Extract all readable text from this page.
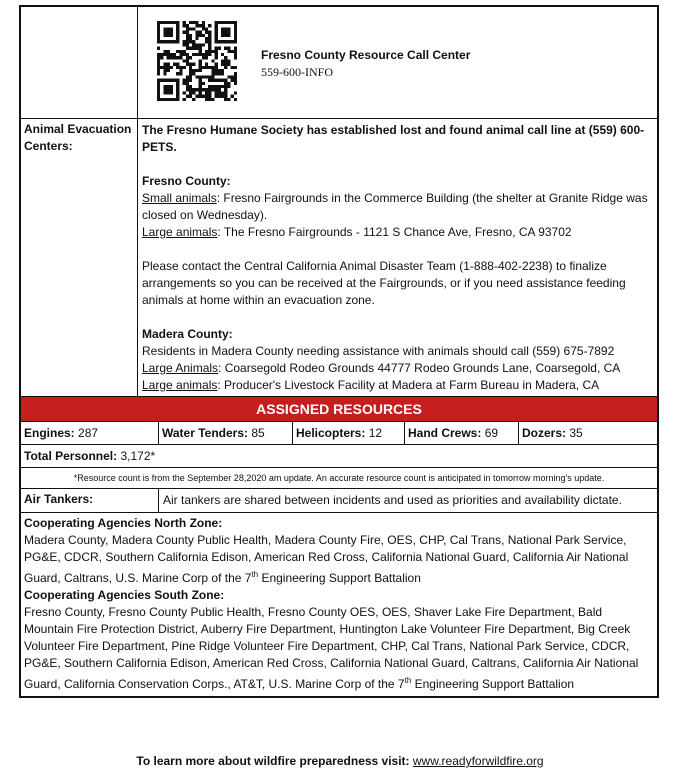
Fresno County Resource Call Center
559-600-INFO
Animal Evacuation Centers:

The Fresno Humane Society has established lost and found animal call line at (559) 600-PETS.

Fresno County:

Small animals: Fresno Fairgrounds in the Commerce Building (the shelter at Granite Ridge was closed on Wednesday).

Large animals: The Fresno Fairgrounds - 1121 S Chance Ave, Fresno, CA 93702

Please contact the Central California Animal Disaster Team (1-888-402-2238) to finalize arrangements so you can be received at the Fairgrounds, or if you need assistance feeding animals at home within an evacuation zone.

Madera County:

Residents in Madera County needing assistance with animals should call (559) 675-7892

Large Animals: Coarsegold Rodeo Grounds 44777 Rodeo Grounds Lane, Coarsegold, CA

Large animals: Producer's Livestock Facility at Madera at Farm Bureau in Madera, CA

ASSIGNED RESOURCES
Engines: 287	Water Tenders: 85	Helicopters: 12	Hand Crews: 69	Dozers: 35
Total Personnel: 3,172*
*Resource count is from the September 28,2020 am update. An accurate resource count is anticipated in tomorrow morning's update.
Air Tankers:	Air tankers are shared between incidents and used as priorities and availability dictate.
Cooperating Agencies North Zone:
Madera County, Madera County Public Health, Madera County Fire, OES, CHP, Cal Trans, National Park Service, PG&E, CDCR, Southern California Edison, American Red Cross, California National Guard, California Air National Guard, Caltrans, U.S. Marine Corp of the 7th Engineering Support Battalion
Cooperating Agencies South Zone:
Fresno County, Fresno County Public Health, Fresno County OES, OES, Shaver Lake Fire Department, Bald Mountain Fire Protection District, Auberry Fire Department, Huntington Lake Volunteer Fire Department, Big Creek Volunteer Fire Department, Pine Ridge Volunteer Fire Department, CHP, Cal Trans, National Park Service, CDCR, PG&E, Southern California Edison, American Red Cross, California National Guard, Caltrans, California Air National Guard, California Conservation Corps., AT&T, U.S. Marine Corp of the 7th Engineering Support Battalion
To learn more about wildfire preparedness visit: www.readyforwildfire.org
